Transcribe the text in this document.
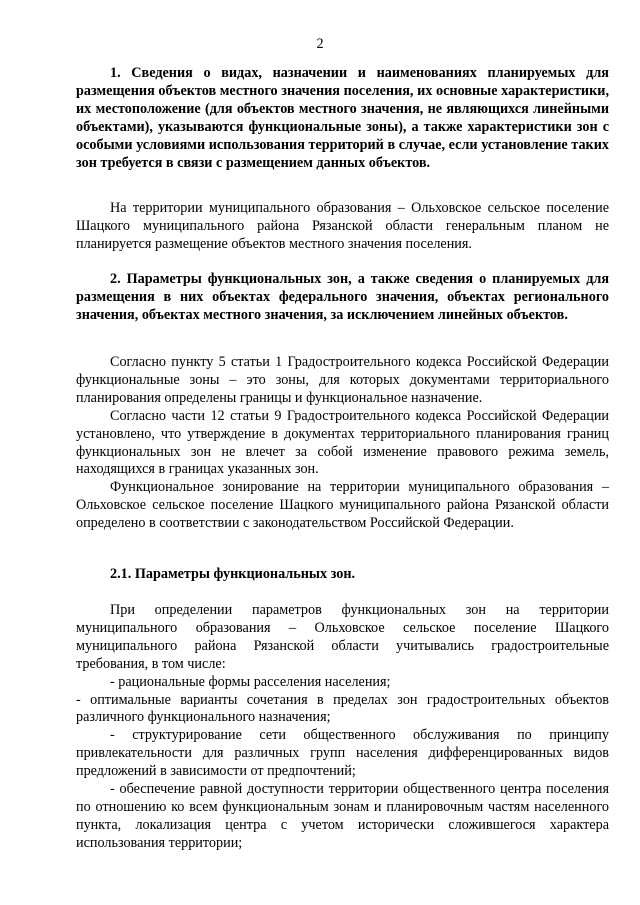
2

1. Сведения о видах, назначении и наименованиях планируемых для размещения объектов местного значения поселения, их основные характеристики, их местоположение (для объектов местного значения, не являющихся линейными объектами), указываются функциональные зоны), а также характеристики зон с особыми условиями использования территорий в случае, если установление таких зон требуется в связи с размещением данных объектов.

На территории муниципального образования – Ольховское сельское поселение Шацкого муниципального района Рязанской области генеральным планом не планируется размещение объектов местного значения поселения.

2. Параметры функциональных зон, а также сведения о планируемых для размещения в них объектах федерального значения, объектах регионального значения, объектах местного значения, за исключением линейных объектов.

Согласно пункту 5 статьи 1 Градостроительного кодекса Российской Федерации функциональные зоны – это зоны, для которых документами территориального планирования определены границы и функциональное назначение.

Согласно части 12 статьи 9 Градостроительного кодекса Российской Федерации установлено, что утверждение в документах территориального планирования границ функциональных зон не влечет за собой изменение правового режима земель, находящихся в границах указанных зон.

Функциональное зонирование на территории муниципального образования – Ольховское сельское поселение Шацкого муниципального района Рязанской области определено в соответствии с законодательством Российской Федерации.

2.1. Параметры функциональных зон.

При определении параметров функциональных зон на территории муниципального образования – Ольховское сельское поселение Шацкого муниципального района Рязанской области учитывались градостроительные требования, в том числе:

- рациональные формы расселения населения;

- оптимальные варианты сочетания в пределах зон градостроительных объектов различного функционального назначения;

- структурирование сети общественного обслуживания по принципу привлекательности для различных групп населения дифференцированных видов предложений в зависимости от предпочтений;

- обеспечение равной доступности территории общественного центра поселения по отношению ко всем функциональным зонам и планировочным частям населенного пункта, локализация центра с учетом исторически сложившегося характера использования территории;
